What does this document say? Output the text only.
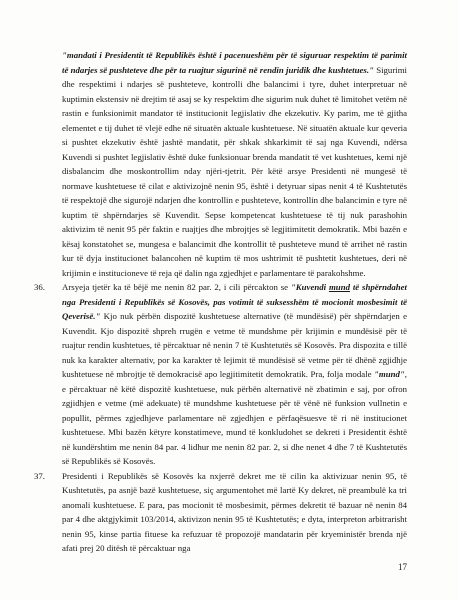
"mandati i Presidentit të Republikës është i pacenueshëm për të siguruar respektim të parimit të ndarjes së pushteteve dhe për ta ruajtur sigurinë në rendin juridik dhe kushtetues." Sigurimi dhe respektimi i ndarjes së pushteteve, kontrolli dhe balancimi i tyre, duhet interpretuar në kuptimin ekstensiv në drejtim të asaj se ky respektim dhe sigurim nuk duhet të limitohet vetëm në rastin e funksionimit mandator të institucionit legjislativ dhe ekzekutiv. Ky parim, me të gjitha elementet e tij duhet të vlejë edhe në situatën aktuale kushtetuese. Në situatën aktuale kur qeveria si pushtet ekzekutiv është jashtë mandatit, për shkak shkarkimit të saj nga Kuvendi, ndërsa Kuvendi si pushtet legjislativ është duke funksionuar brenda mandatit të vet kushtetues, kemi një disbalancim dhe moskontrollim nday njëri-tjetrit. Për këtë arsye Presidenti në mungesë të normave kushtetuese të cilat e aktivizojnë nenin 95, është i detyruar sipas nenit 4 të Kushtetutës të respektojë dhe sigurojë ndarjen dhe kontrollin e pushteteve, kontrollin dhe balancimin e tyre në kuptim të shpërndarjes së Kuvendit. Sepse kompetencat kushtetuese të tij nuk parashohin aktivizim të nenit 95 për faktin e ruajtjes dhe mbrojtjes së legjitimitetit demokratik. Mbi bazën e kësaj konstatohet se, mungesa e balancimit dhe kontrollit të pushteteve mund të arrihet në rastin kur të dyja institucionet balancohen në kuptim të mos ushtrimit të pushtetit kushtetues, deri në krijimin e institucioneve të reja që dalin nga zgjedhjet e parlamentare të parakohshme.

36.	Arsyeja tjetër ka të bëjë me nenin 82 par. 2, i cili përcakton se "Kuvendi mund të shpërndahet nga Presidenti i Republikës së Kosovës, pas votimit të suksesshëm të mocionit mosbesimit të Qeverisë." Kjo nuk përbën dispozitë kushtetuese alternative (të mundësisë) për shpërndarjen e Kuvendit. Kjo dispozitë shpreh rrugën e vetme të mundshme për krijimin e mundësisë për të ruajtur rendin kushtetues, të përcaktuar në nenin 7 të Kushtetutës së Kosovës. Pra dispozita e tillë nuk ka karakter alternativ, por ka karakter të lejimit të mundësisë së vetme për të dhënë zgjidhje kushtetuese në mbrojtje të demokracisë apo legjitimitetit demokratik. Pra, folja modale "mund", e përcaktuar në këtë dispozitë kushtetuese, nuk përbën alternativë në zbatimin e saj, por ofron zgjidhjen e vetme (më adekuate) të mundshme kushtetuese për të vënë në funksion vullnetin e popullit, përmes zgjedhjeve parlamentare në zgjedhjen e përfaqësuesve të ri në institucionet kushtetuese. Mbi bazën këtyre konstatimeve, mund të konkludohet se dekreti i Presidentit është në kundërshtim me nenin 84 par. 4 lidhur me nenin 82 par. 2, si dhe nenet 4 dhe 7 të Kushtetutës së Republikës së Kosovës.

37.	Presidenti i Republikës së Kosovës ka nxjerrë dekret me të cilin ka aktivizuar nenin 95, të Kushtetutës, pa asnjë bazë kushtetuese, siç argumentohet më lartë Ky dekret, në preambulë ka tri anomali kushtetuese. E para, pas mocionit të mosbesimit, përmes dekretit të bazuar në nenin 84 par 4 dhe aktgjykimit 103/2014, aktivizon nenin 95 të Kushtetutës; e dyta, interpreton arbitrarisht nenin 95, kinse partia fituese ka refuzuar të propozojë mandatarin për kryeministër brenda një afati prej 20 ditësh të përcaktuar nga

17
